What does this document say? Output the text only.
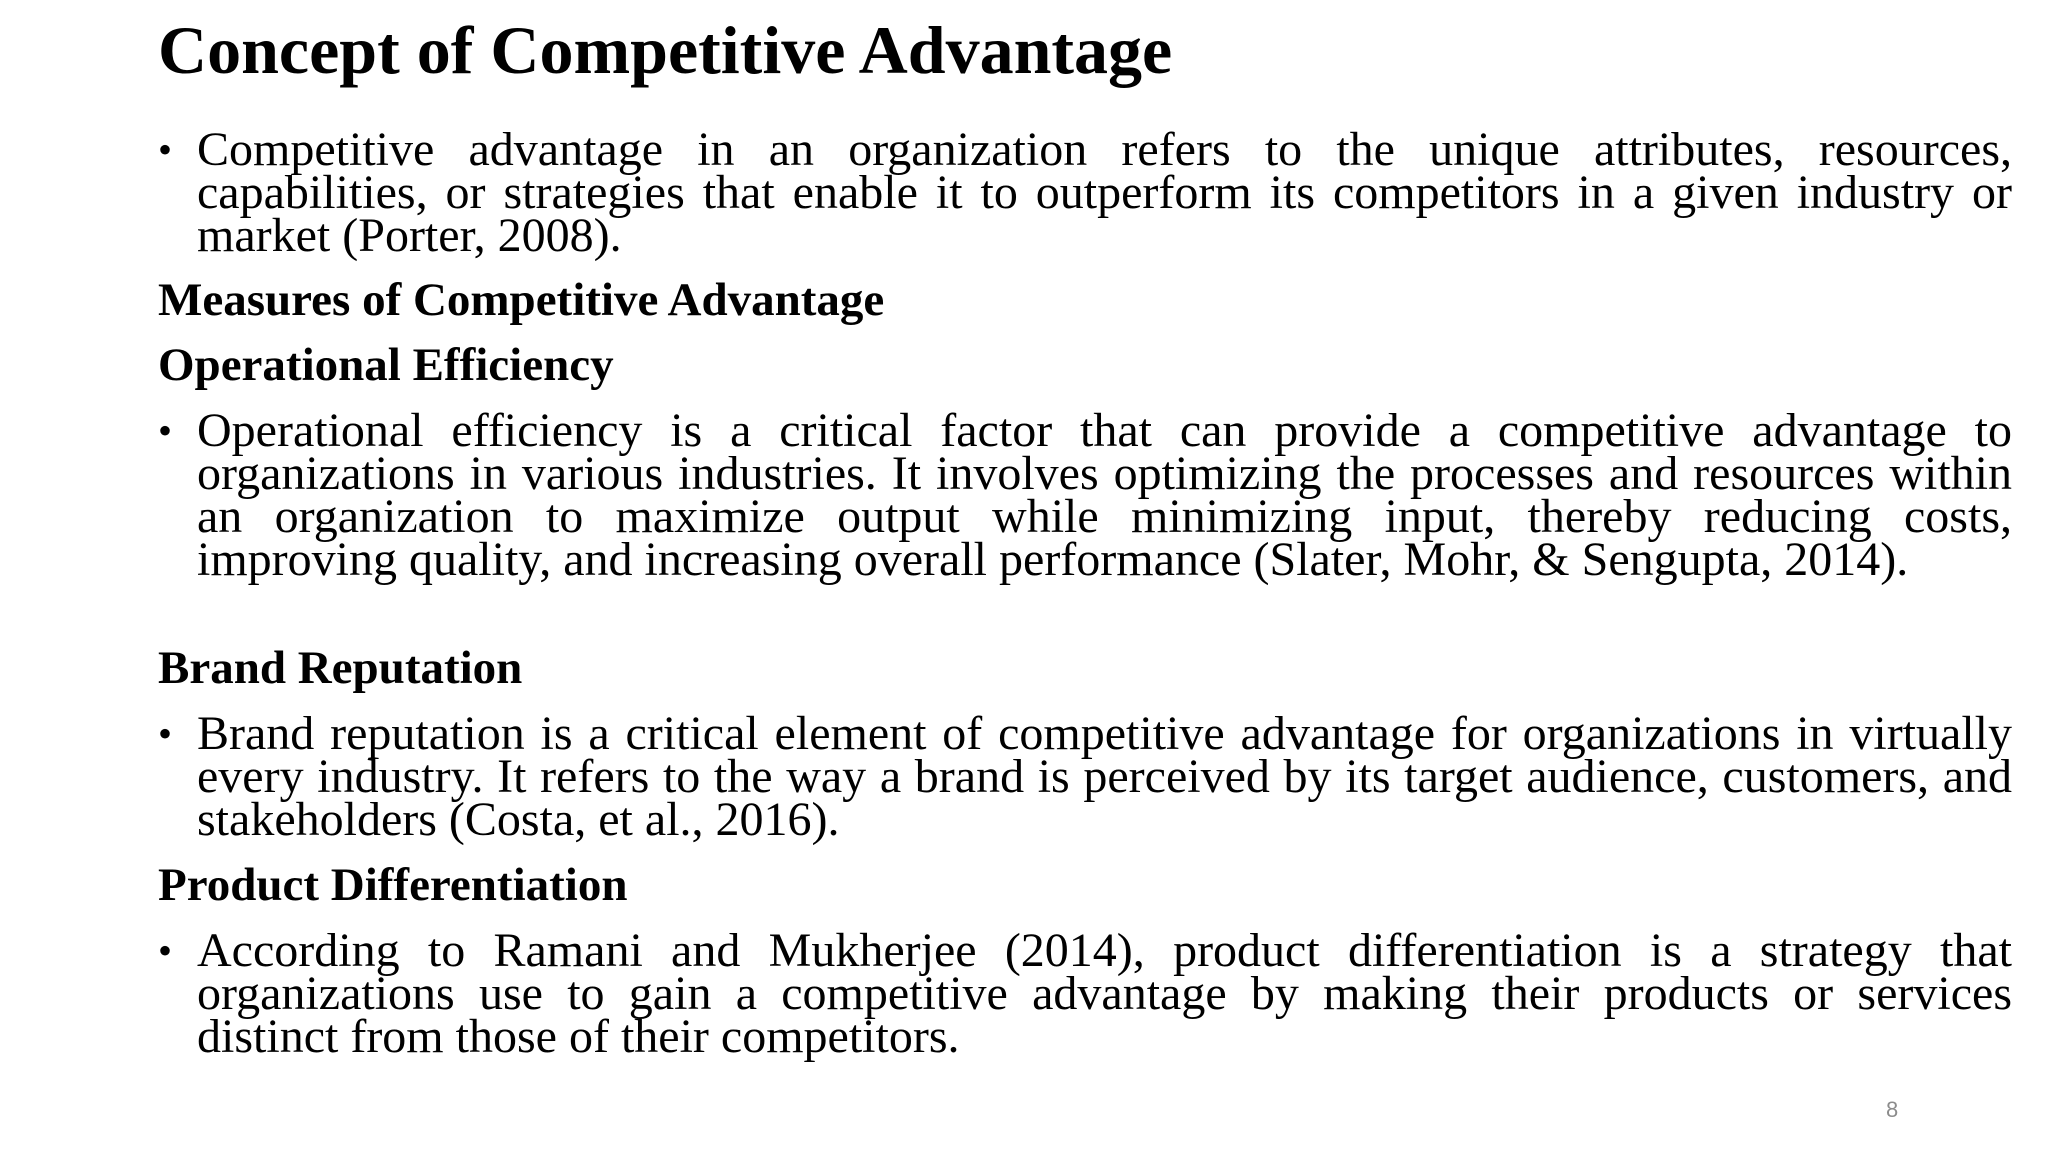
Concept of Competitive Advantage
• Competitive advantage in an organization refers to the unique attributes, resources, capabilities, or strategies that enable it to outperform its competitors in a given industry or market (Porter, 2008).
Measures of Competitive Advantage
Operational Efficiency
• Operational efficiency is a critical factor that can provide a competitive advantage to organizations in various industries. It involves optimizing the processes and resources within an organization to maximize output while minimizing input, thereby reducing costs, improving quality, and increasing overall performance (Slater, Mohr, & Sengupta, 2014).
Brand Reputation
• Brand reputation is a critical element of competitive advantage for organizations in virtually every industry. It refers to the way a brand is perceived by its target audience, customers, and stakeholders (Costa, et al., 2016).
Product Differentiation
• According to Ramani and Mukherjee (2014), product differentiation is a strategy that organizations use to gain a competitive advantage by making their products or services distinct from those of their competitors.
8
